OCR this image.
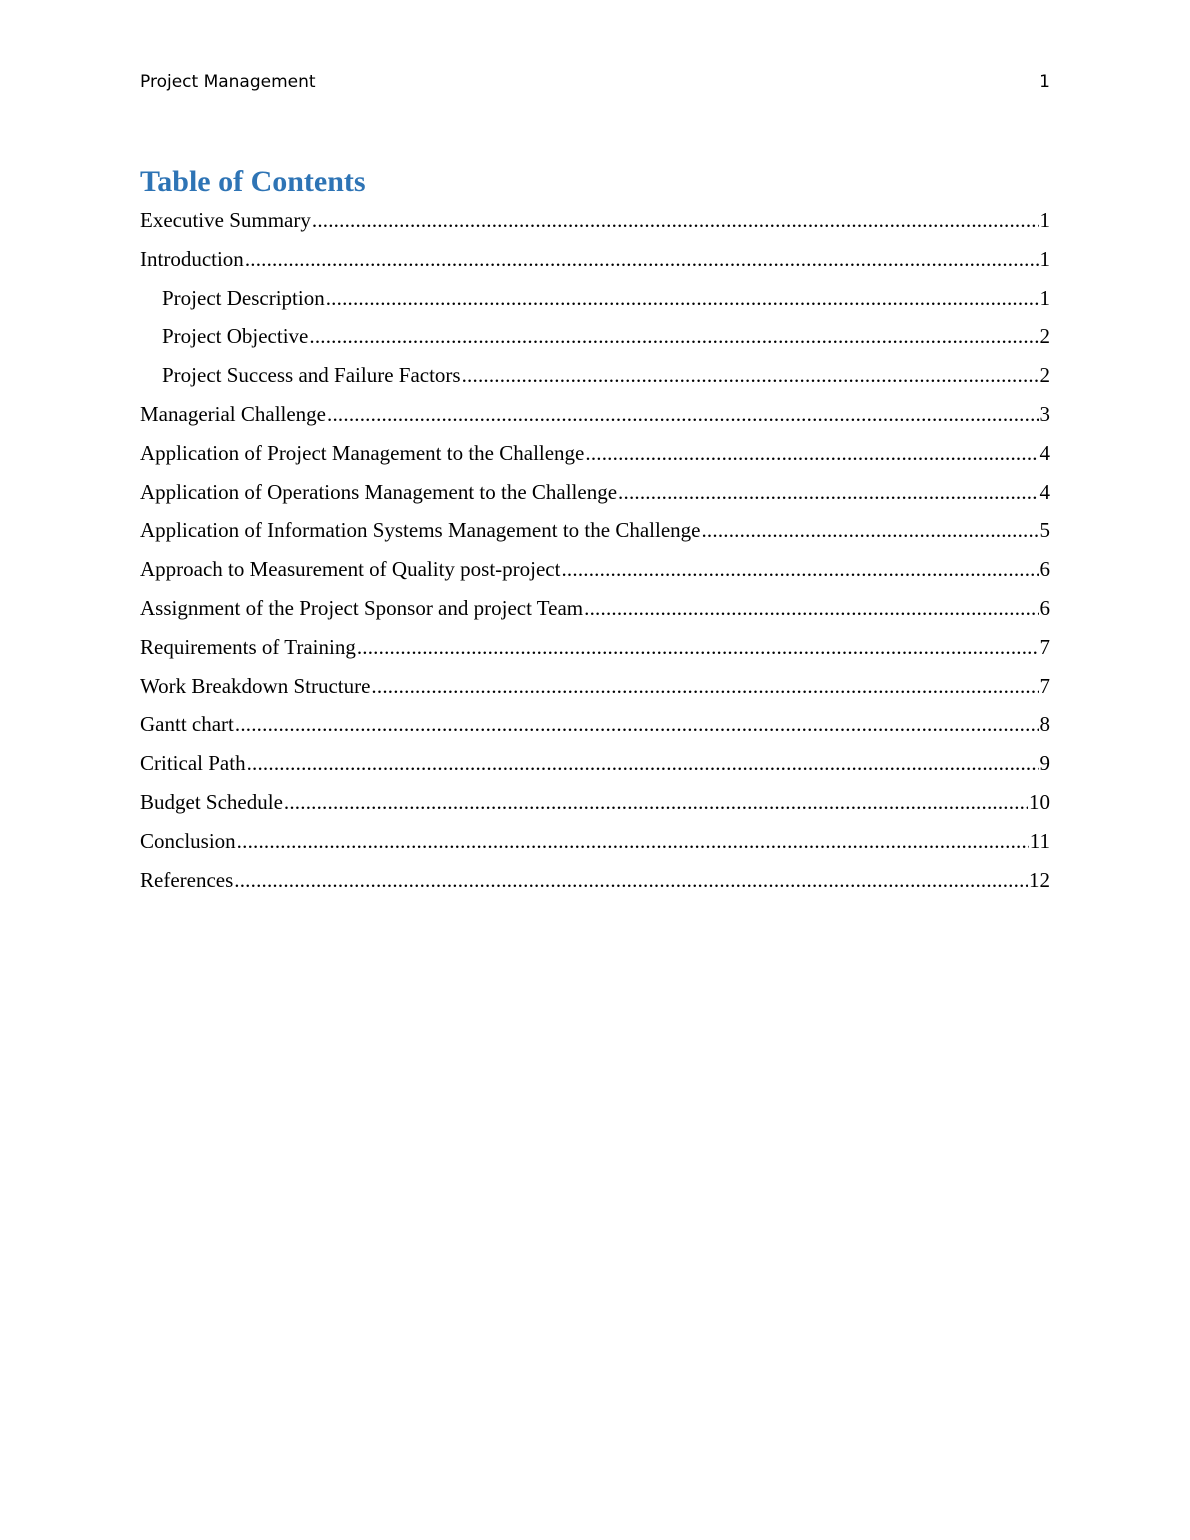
Project Management	1
Table of Contents
Executive Summary .....	1
Introduction .....	1
Project Description .....	1
Project Objective .....	2
Project Success and Failure Factors .....	2
Managerial Challenge .....	3
Application of Project Management to the Challenge .....	4
Application of Operations Management to the Challenge .....	4
Application of Information Systems Management to the Challenge .....	5
Approach to Measurement of Quality post-project .....	6
Assignment of the Project Sponsor and project Team .....	6
Requirements of Training .....	7
Work Breakdown Structure .....	7
Gantt chart .....	8
Critical Path .....	9
Budget Schedule .....	10
Conclusion .....	11
References .....	12
